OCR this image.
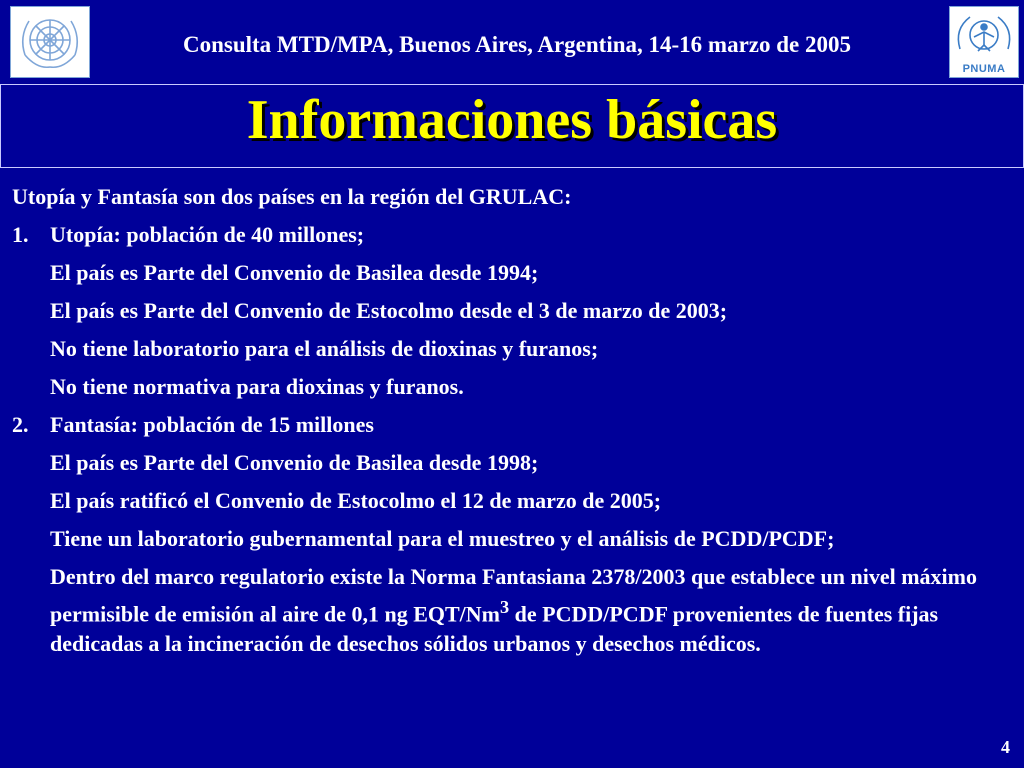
Consulta MTD/MPA, Buenos Aires, Argentina, 14-16 marzo de 2005
PNUMA
Informaciones básicas
Utopía y Fantasía son dos países en la región del GRULAC:
1. Utopía: población de 40 millones;
El país es Parte del Convenio de Basilea desde 1994;
El país es Parte del Convenio de Estocolmo desde el 3 de marzo de 2003;
No tiene laboratorio para el análisis de dioxinas y furanos;
No tiene normativa para dioxinas y furanos.
2. Fantasía: población de 15 millones
El país es Parte del Convenio de Basilea desde 1998;
El país ratificó el Convenio de Estocolmo el 12 de marzo de 2005;
Tiene un laboratorio gubernamental para el muestreo y el análisis de PCDD/PCDF;
Dentro del marco regulatorio existe la Norma Fantasiana 2378/2003 que establece un nivel máximo permisible de emisión al aire de 0,1 ng EQT/Nm$^3$ de PCDD/PCDF provenientes de fuentes fijas dedicadas a la incineración de desechos sólidos urbanos y desechos médicos.
4
